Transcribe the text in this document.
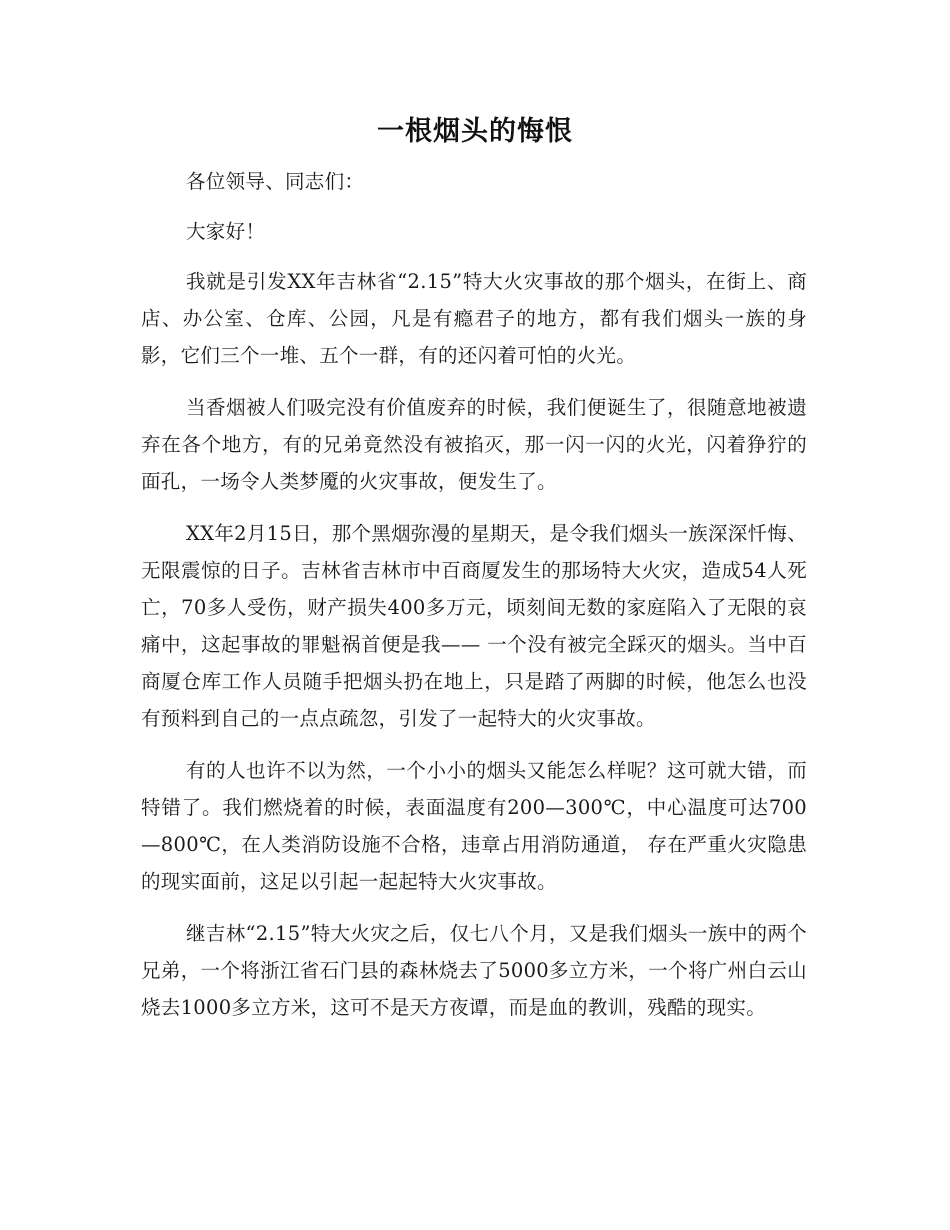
一根烟头的悔恨

各位领导、同志们：

大家好！

我就是引发XX年吉林省“2.15”特大火灾事故的那个烟头，在街上、商店、办公室、仓库、公园，凡是有瘾君子的地方，都有我们烟头一族的身影，它们三个一堆、五个一群，有的还闪着可怕的火光。

当香烟被人们吸完没有价值废弃的时候，我们便诞生了，很随意地被遗弃在各个地方，有的兄弟竟然没有被掐灭，那一闪一闪的火光，闪着狰狞的面孔，一场令人类梦魇的火灾事故，便发生了。

XX年2月15日，那个黑烟弥漫的星期天，是令我们烟头一族深深忏悔、无限震惊的日子。吉林省吉林市中百商厦发生的那场特大火灾，造成54人死亡，70多人受伤，财产损失400多万元，顷刻间无数的家庭陷入了无限的哀痛中，这起事故的罪魁祸首便是我—— 一个没有被完全踩灭的烟头。当中百商厦仓库工作人员随手把烟头扔在地上，只是踏了两脚的时候，他怎么也没有预料到自己的一点点疏忽，引发了一起特大的火灾事故。

有的人也许不以为然，一个小小的烟头又能怎么样呢？这可就大错，而特错了。我们燃烧着的时候，表面温度有200—300℃，中心温度可达700—800℃，在人类消防设施不合格，违章占用消防通道， 存在严重火灾隐患的现实面前，这足以引起一起起特大火灾事故。

继吉林“2.15”特大火灾之后，仅七八个月，又是我们烟头一族中的两个兄弟，一个将浙江省石门县的森林烧去了5000多立方米，一个将广州白云山烧去1000多立方米，这可不是天方夜谭，而是血的教训，残酷的现实。
